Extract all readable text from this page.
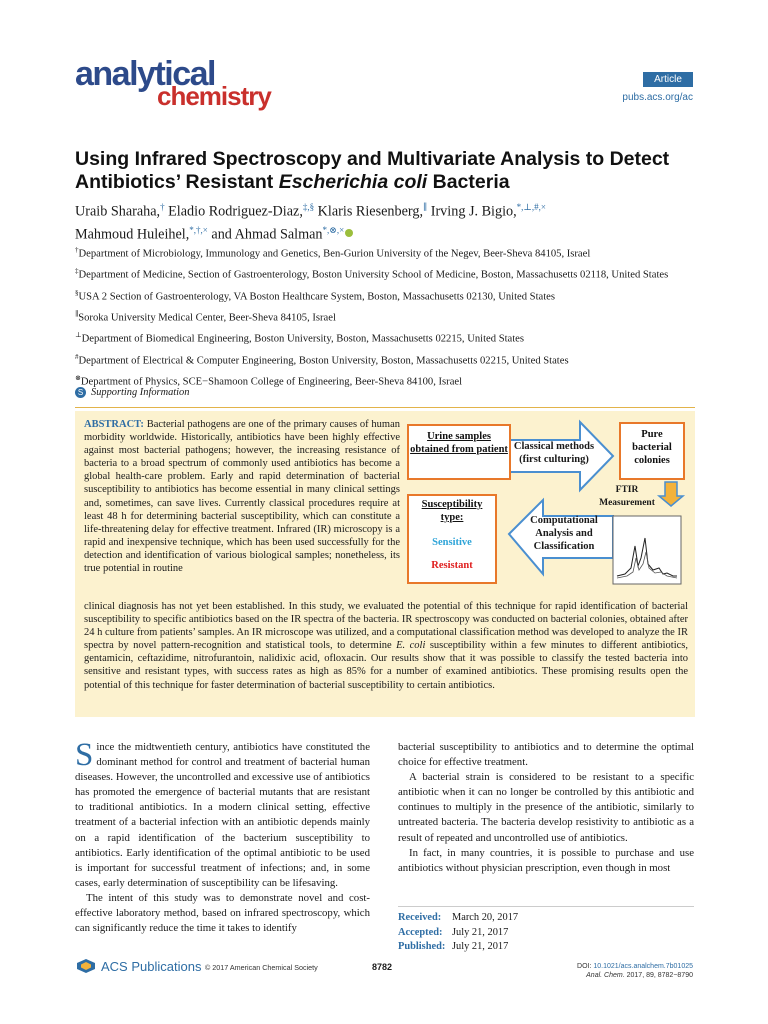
analytical
chemistry
Article
pubs.acs.org/ac
Using Infrared Spectroscopy and Multivariate Analysis to Detect
Antibiotics’ Resistant Escherichia coli Bacteria
Uraib Sharaha,† Eladio Rodriguez-Diaz,‡,§ Klaris Riesenberg,∥ Irving J. Bigio,*,⊥,#,×
Mahmoud Huleihel,*,†,× and Ahmad Salman*,⊗,×
†Department of Microbiology, Immunology and Genetics, Ben-Gurion University of the Negev, Beer-Sheva 84105, Israel
‡Department of Medicine, Section of Gastroenterology, Boston University School of Medicine, Boston, Massachusetts 02118, United States
§USA 2 Section of Gastroenterology, VA Boston Healthcare System, Boston, Massachusetts 02130, United States
∥Soroka University Medical Center, Beer-Sheva 84105, Israel
⊥Department of Biomedical Engineering, Boston University, Boston, Massachusetts 02215, United States
#Department of Electrical & Computer Engineering, Boston University, Boston, Massachusetts 02215, United States
⊗Department of Physics, SCE−Shamoon College of Engineering, Beer-Sheva 84100, Israel
S Supporting Information
ABSTRACT: Bacterial pathogens are one of the primary causes of human morbidity worldwide. Historically, antibiotics have been highly effective against most bacterial pathogens; however, the increasing resistance of bacteria to a broad spectrum of commonly used antibiotics has become a global health-care problem. Early and rapid determination of bacterial susceptibility to antibiotics has become essential in many clinical settings and, sometimes, can save lives. Currently classical procedures require at least 48 h for determining bacterial susceptibility, which can constitute a life-threatening delay for effective treatment. Infrared (IR) microscopy is a rapid and inexpensive technique, which has been used successfully for the detection and identification of various biological samples; nonetheless, its true potential in routine
clinical diagnosis has not yet been established. In this study, we evaluated the potential of this technique for rapid identification of bacterial susceptibility to specific antibiotics based on the IR spectra of the bacteria. IR spectroscopy was conducted on bacterial colonies, obtained after 24 h culture from patients’ samples. An IR microscope was utilized, and a computational classification method was developed to analyze the IR spectra by novel pattern-recognition and statistical tools, to determine E. coli susceptibility within a few minutes to different antibiotics, gentamicin, ceftazidime, nitrofurantoin, nalidixic acid, ofloxacin. Our results show that it was possible to classify the tested bacteria into sensitive and resistant types, with success rates as high as 85% for a number of examined antibiotics. These promising results open the potential of this technique for faster determination of bacterial susceptibility to certain antibiotics.
Urine samples obtained from patient Classical methods (first culturing)
Pure bacterial colonies
FTIR Measurement
Susceptibility type:
Sensitive
Resistant
Computational Analysis and Classification

Since the midtwentieth century, antibiotics have constituted the dominant method for control and treatment of bacterial human diseases. However, the uncontrolled and excessive use of antibiotics has promoted the emergence of bacterial mutants that are resistant to traditional antibiotics. In a modern clinical setting, effective treatment of a bacterial infection with an antibiotic depends mainly on a rapid identification of the bacterium susceptibility to antibiotics. Early identification of the optimal antibiotic to be used is important for successful treatment of infections; and, in some cases, early determination of susceptibility can be lifesaving.

The intent of this study was to demonstrate novel and cost-effective laboratory method, based on infrared spectroscopy, which can significantly reduce the time it takes to identify

bacterial susceptibility to antibiotics and to determine the optimal choice for effective treatment.

A bacterial strain is considered to be resistant to a specific antibiotic when it can no longer be controlled by this antibiotic and continues to multiply in the presence of the antibiotic, similarly to untreated bacteria. The bacteria develop resistivity to antibiotic as a result of repeated and uncontrolled use of antibiotics.

In fact, in many countries, it is possible to purchase and use antibiotics without physician prescription, even though in most

Received: March 20, 2017
Accepted: July 21, 2017
Published: July 21, 2017
ACS Publications © 2017 American Chemical Society	8782	DOI: 10.1021/acs.analchem.7b01025
Anal. Chem. 2017, 89, 8782−8790
